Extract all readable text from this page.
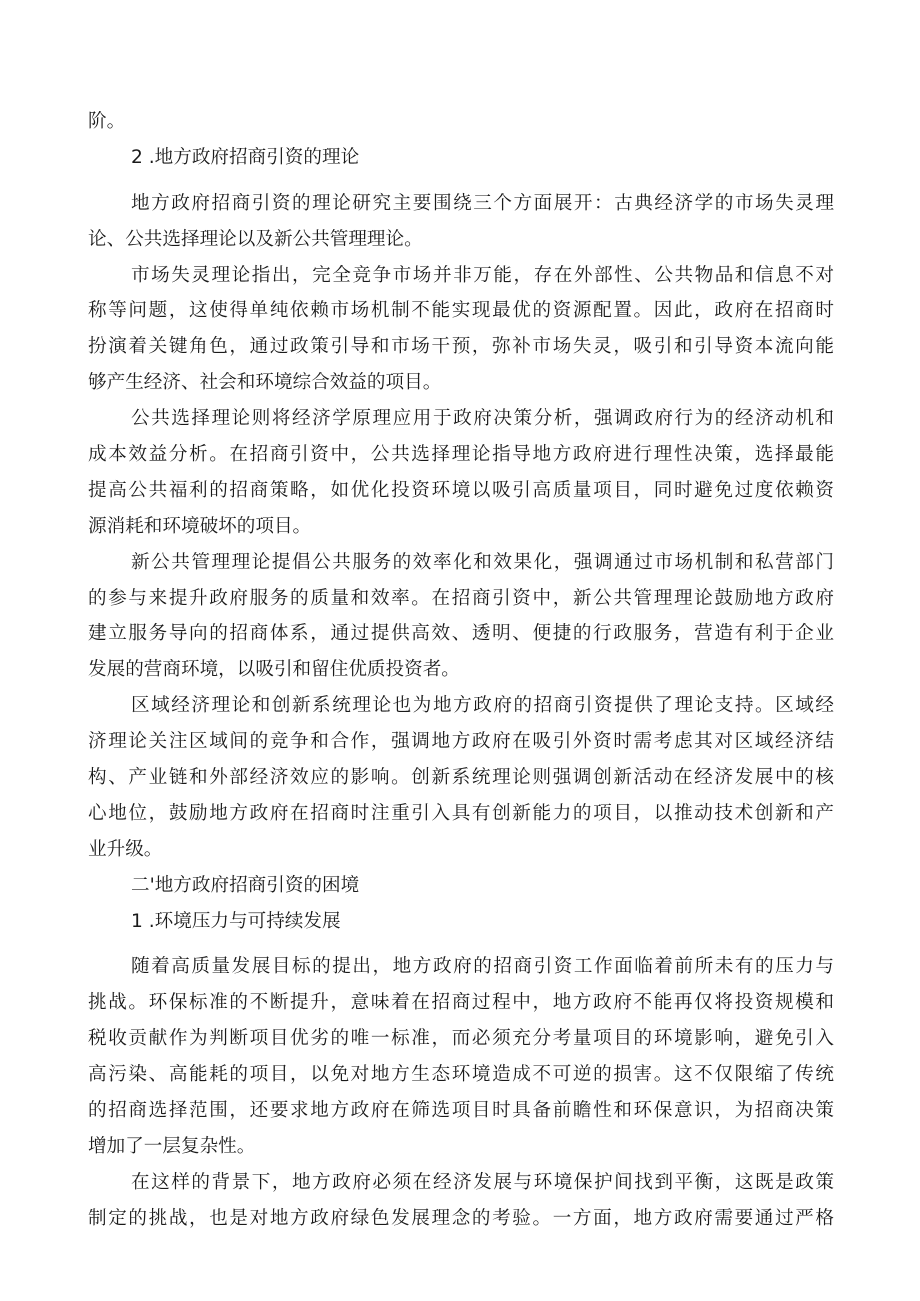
阶。
2 .地方政府招商引资的理论
地方政府招商引资的理论研究主要围绕三个方面展开：古典经济学的市场失灵理
论、公共选择理论以及新公共管理理论。
市场失灵理论指出，完全竞争市场并非万能，存在外部性、公共物品和信息不对
称等问题，这使得单纯依赖市场机制不能实现最优的资源配置。因此，政府在招商时
扮演着关键角色，通过政策引导和市场干预，弥补市场失灵，吸引和引导资本流向能
够产生经济、社会和环境综合效益的项目。
公共选择理论则将经济学原理应用于政府决策分析，强调政府行为的经济动机和
成本效益分析。在招商引资中，公共选择理论指导地方政府进行理性决策，选择最能
提高公共福利的招商策略，如优化投资环境以吸引高质量项目，同时避免过度依赖资
源消耗和环境破坏的项目。
新公共管理理论提倡公共服务的效率化和效果化，强调通过市场机制和私营部门
的参与来提升政府服务的质量和效率。在招商引资中，新公共管理理论鼓励地方政府
建立服务导向的招商体系，通过提供高效、透明、便捷的行政服务，营造有利于企业
发展的营商环境，以吸引和留住优质投资者。
区域经济理论和创新系统理论也为地方政府的招商引资提供了理论支持。区域经
济理论关注区域间的竞争和合作，强调地方政府在吸引外资时需考虑其对区域经济结
构、产业链和外部经济效应的影响。创新系统理论则强调创新活动在经济发展中的核
心地位，鼓励地方政府在招商时注重引入具有创新能力的项目，以推动技术创新和产
业升级。
二'地方政府招商引资的困境
1 .环境压力与可持续发展
随着高质量发展目标的提出，地方政府的招商引资工作面临着前所未有的压力与
挑战。环保标准的不断提升，意味着在招商过程中，地方政府不能再仅将投资规模和
税收贡献作为判断项目优劣的唯一标准，而必须充分考量项目的环境影响，避免引入
高污染、高能耗的项目，以免对地方生态环境造成不可逆的损害。这不仅限缩了传统
的招商选择范围，还要求地方政府在筛选项目时具备前瞻性和环保意识，为招商决策
增加了一层复杂性。
在这样的背景下，地方政府必须在经济发展与环境保护间找到平衡，这既是政策
制定的挑战，也是对地方政府绿色发展理念的考验。一方面，地方政府需要通过严格
